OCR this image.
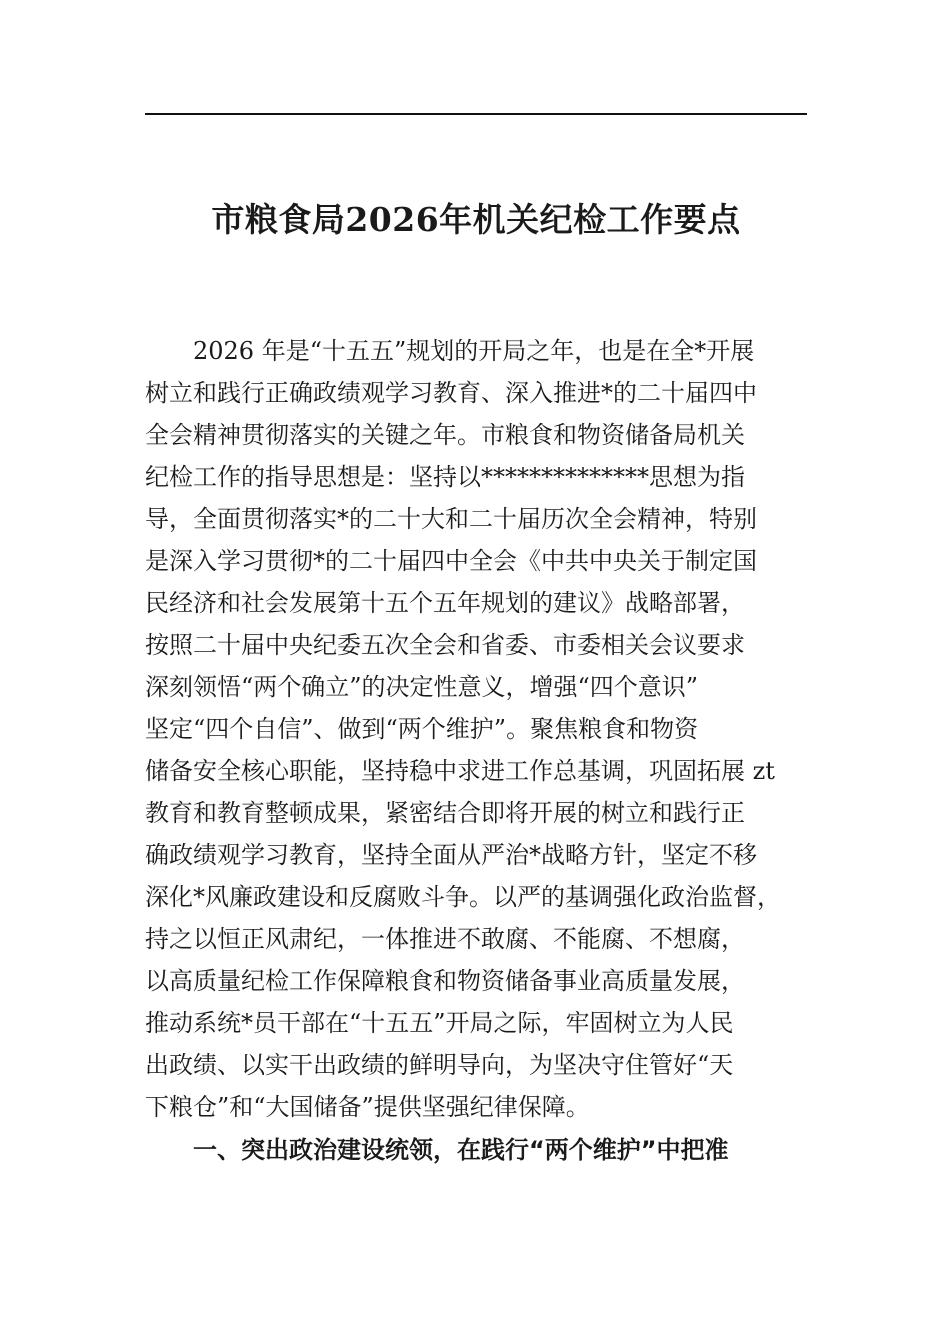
市粮食局2026年机关纪检工作要点
2026 年是“十五五”规划的开局之年，也是在全*开展
树立和践行正确政绩观学习教育、深入推进*的二十届四中
全会精神贯彻落实的关键之年。市粮食和物资储备局机关
纪检工作的指导思想是：坚持以**************思想为指
导，全面贯彻落实*的二十大和二十届历次全会精神，特别
是深入学习贯彻*的二十届四中全会《中共中央关于制定国
民经济和社会发展第十五个五年规划的建议》战略部署，
按照二十届中央纪委五次全会和省委、市委相关会议要求
深刻领悟“两个确立”的决定性意义，增强“四个意识”
坚定“四个自信”、做到“两个维护”。聚焦粮食和物资
储备安全核心职能，坚持稳中求进工作总基调，巩固拓展 zt
教育和教育整顿成果，紧密结合即将开展的树立和践行正
确政绩观学习教育，坚持全面从严治*战略方针，坚定不移
深化*风廉政建设和反腐败斗争。以严的基调强化政治监督，
持之以恒正风肃纪，一体推进不敢腐、不能腐、不想腐，
以高质量纪检工作保障粮食和物资储备事业高质量发展，
推动系统*员干部在“十五五”开局之际，牢固树立为人民
出政绩、以实干出政绩的鲜明导向，为坚决守住管好“天
下粮仓”和“大国储备”提供坚强纪律保障。
一、突出政治建设统领，在践行“两个维护”中把准
